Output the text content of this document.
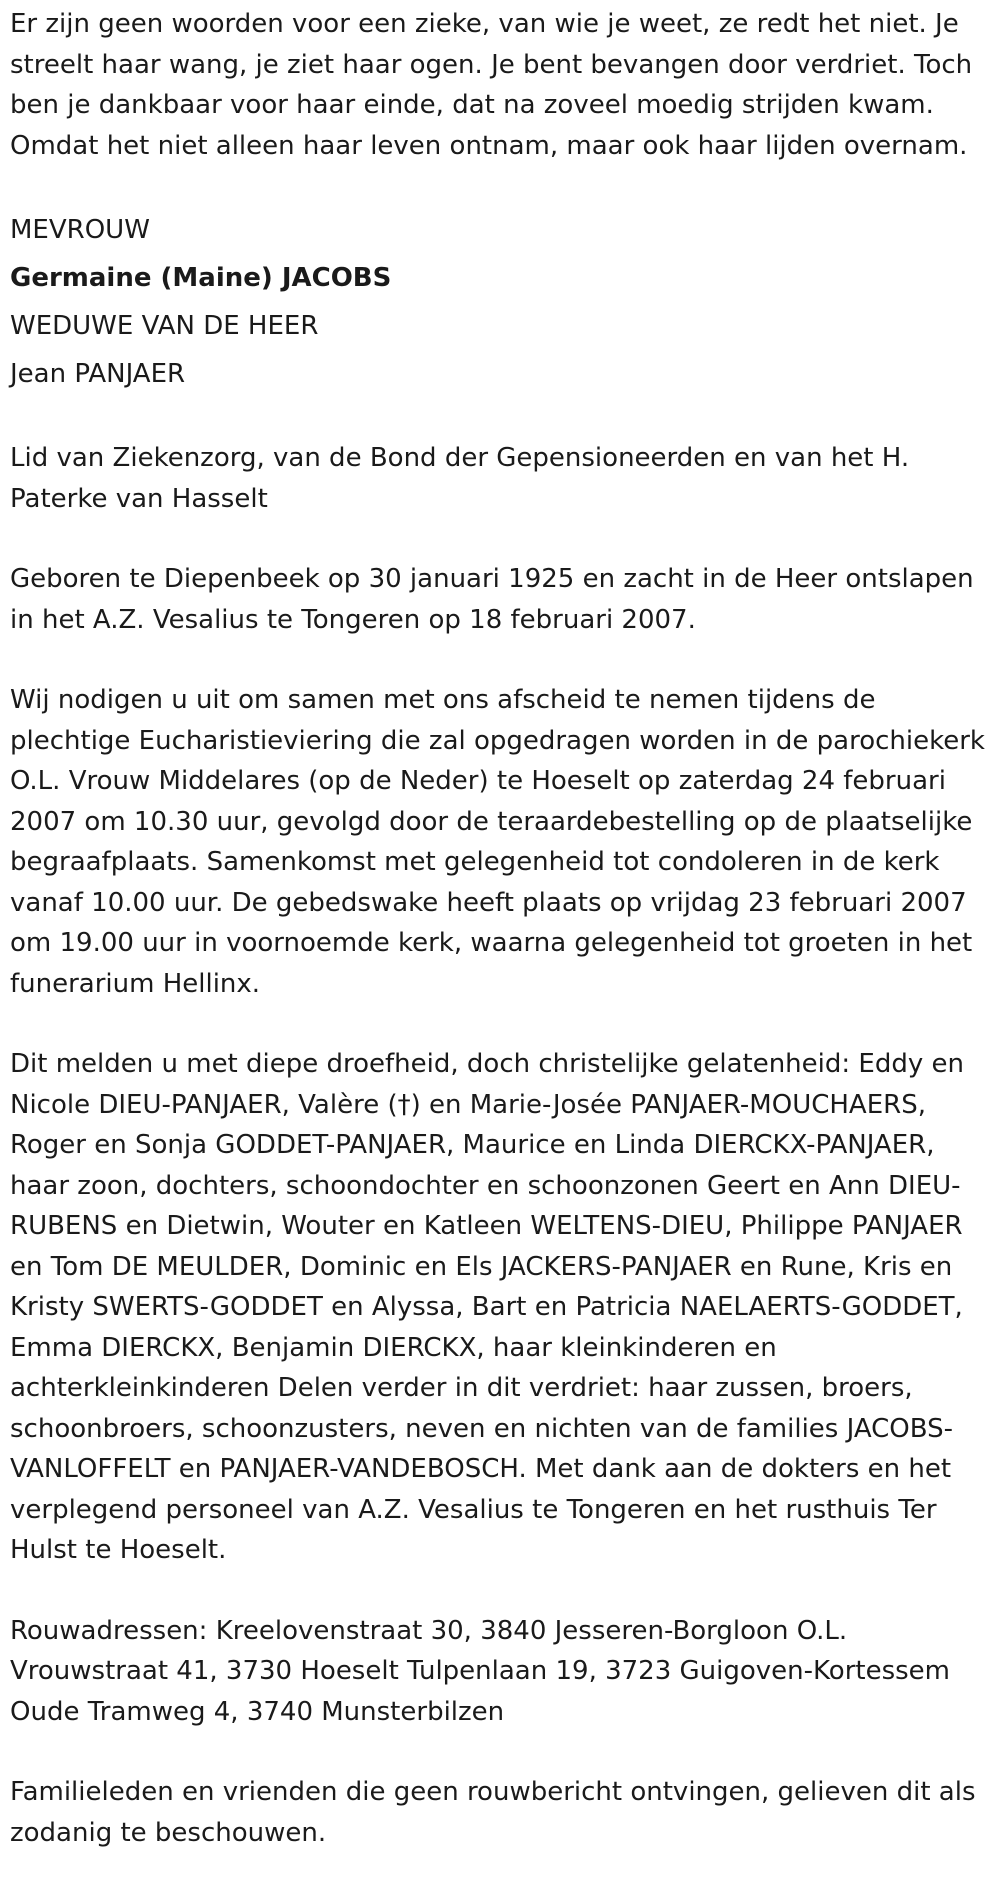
Er zijn geen woorden voor een zieke, van wie je weet, ze redt het niet. Je streelt haar wang, je ziet haar ogen. Je bent bevangen door verdriet. Toch ben je dankbaar voor haar einde, dat na zoveel moedig strijden kwam. Omdat het niet alleen haar leven ontnam, maar ook haar lijden overnam.

MEVROUW
Germaine (Maine) JACOBS
WEDUWE VAN DE HEER
Jean PANJAER

Lid van Ziekenzorg, van de Bond der Gepensioneerden en van het H. Paterke van Hasselt

Geboren te Diepenbeek op 30 januari 1925 en zacht in de Heer ontslapen in het A.Z. Vesalius te Tongeren op 18 februari 2007.

Wij nodigen u uit om samen met ons afscheid te nemen tijdens de plechtige Eucharistieviering die zal opgedragen worden in de parochiekerk O.L. Vrouw Middelares (op de Neder) te Hoeselt op zaterdag 24 februari 2007 om 10.30 uur, gevolgd door de teraardebestelling op de plaatselijke begraafplaats. Samenkomst met gelegenheid tot condoleren in de kerk vanaf 10.00 uur. De gebedswake heeft plaats op vrijdag 23 februari 2007 om 19.00 uur in voornoemde kerk, waarna gelegenheid tot groeten in het funerarium Hellinx.

Dit melden u met diepe droefheid, doch christelijke gelatenheid: Eddy en Nicole DIEU-PANJAER, Valère (†) en Marie-Josée PANJAER-MOUCHAERS, Roger en Sonja GODDET-PANJAER, Maurice en Linda DIERCKX-PANJAER, haar zoon, dochters, schoondochter en schoonzonen Geert en Ann DIEU-RUBENS en Dietwin, Wouter en Katleen WELTENS-DIEU, Philippe PANJAER en Tom DE MEULDER, Dominic en Els JACKERS-PANJAER en Rune, Kris en Kristy SWERTS-GODDET en Alyssa, Bart en Patricia NAELAERTS-GODDET, Emma DIERCKX, Benjamin DIERCKX, haar kleinkinderen en achterkleinkinderen Delen verder in dit verdriet: haar zussen, broers, schoonbroers, schoonzusters, neven en nichten van de families JACOBS-VANLOFFELT en PANJAER-VANDEBOSCH. Met dank aan de dokters en het verplegend personeel van A.Z. Vesalius te Tongeren en het rusthuis Ter Hulst te Hoeselt.

Rouwadressen: Kreelovenstraat 30, 3840 Jesseren-Borgloon O.L. Vrouwstraat 41, 3730 Hoeselt Tulpenlaan 19, 3723 Guigoven-Kortessem Oude Tramweg 4, 3740 Munsterbilzen

Familieleden en vrienden die geen rouwbericht ontvingen, gelieven dit als zodanig te beschouwen.
